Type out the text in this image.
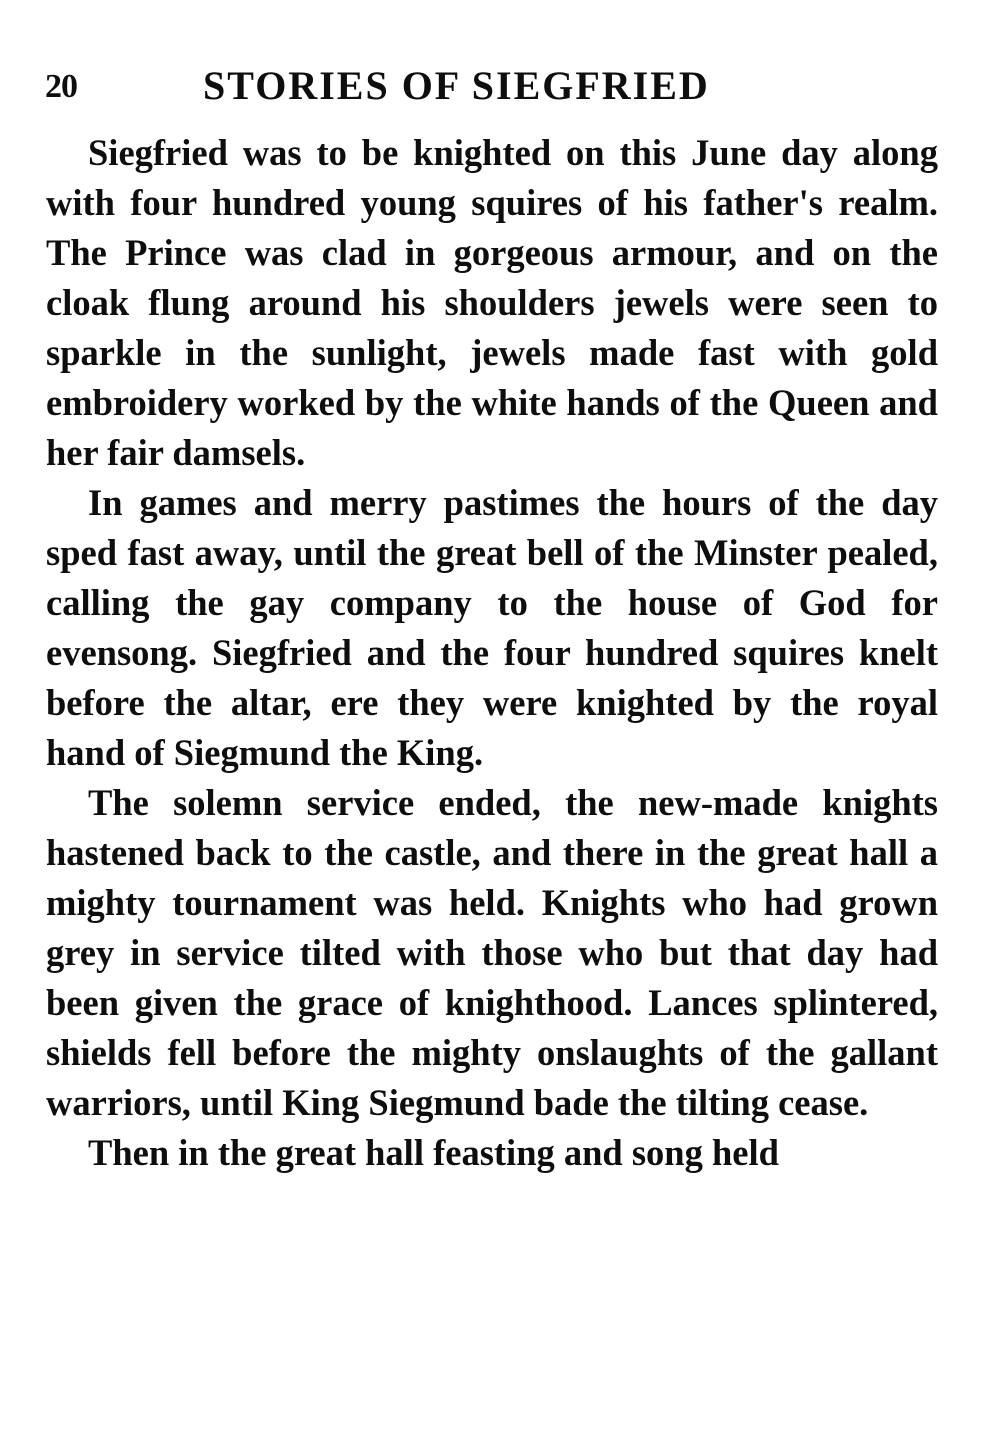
20	STORIES OF SIEGFRIED

Siegfried was to be knighted on this June day along with four hundred young squires of his father's realm. The Prince was clad in gorgeous armour, and on the cloak flung around his shoulders jewels were seen to sparkle in the sunlight, jewels made fast with gold embroidery worked by the white hands of the Queen and her fair damsels.

In games and merry pastimes the hours of the day sped fast away, until the great bell of the Minster pealed, calling the gay company to the house of God for evensong. Siegfried and the four hundred squires knelt before the altar, ere they were knighted by the royal hand of Siegmund the King.

The solemn service ended, the new-made knights hastened back to the castle, and there in the great hall a mighty tournament was held. Knights who had grown grey in service tilted with those who but that day had been given the grace of knighthood. Lances splintered, shields fell before the mighty onslaughts of the gallant warriors, until King Siegmund bade the tilting cease.

Then in the great hall feasting and song held
